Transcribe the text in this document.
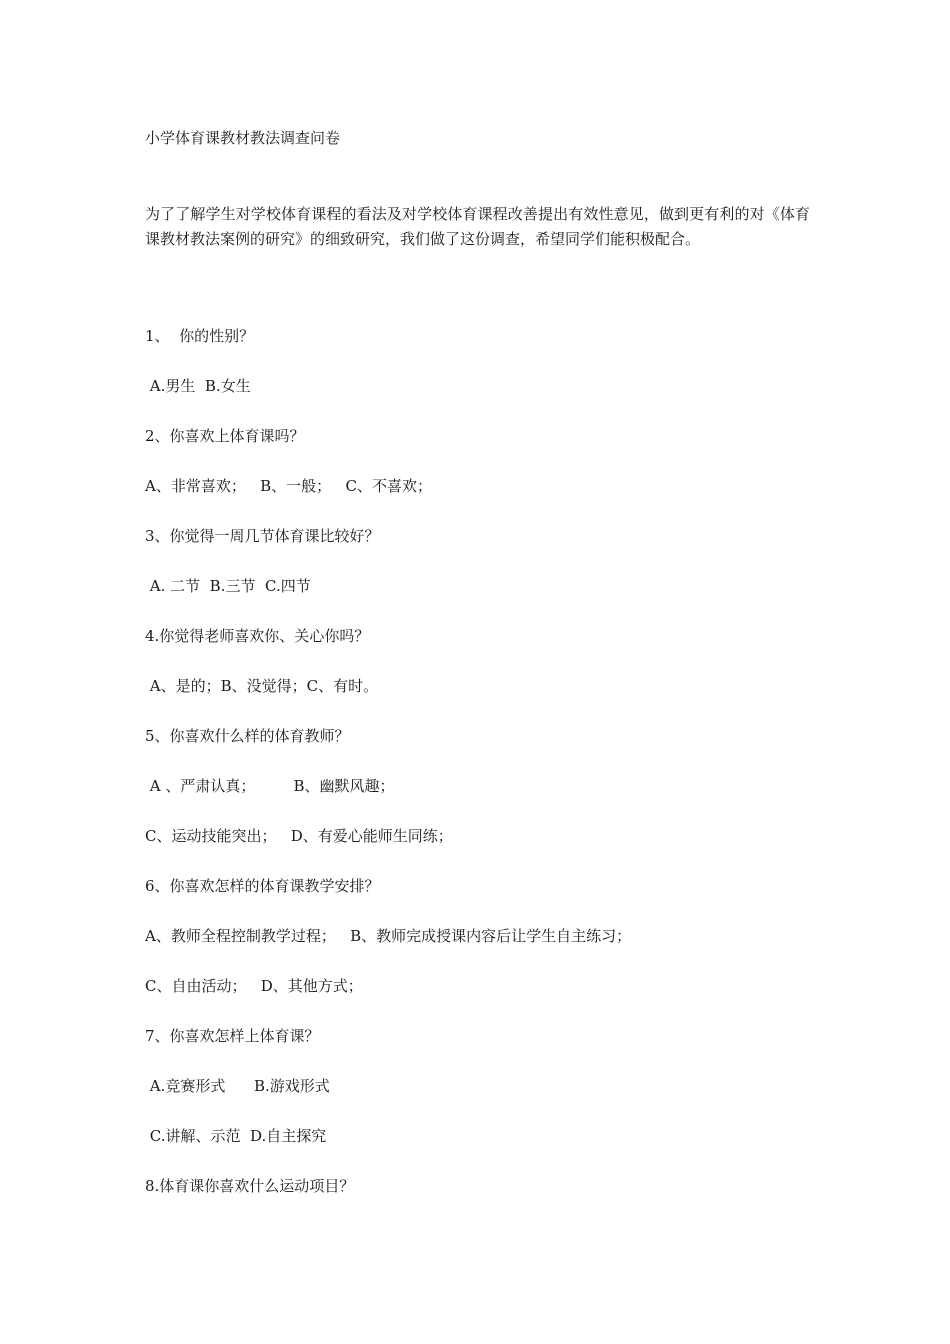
小学体育课教材教法调查问卷
为了了解学生对学校体育课程的看法及对学校体育课程改善提出有效性意见，做到更有利的对《体育课教材教法案例的研究》的细致研究，我们做了这份调查，希望同学们能积极配合。
1、  你的性别？
A.男生  B.女生
2、你喜欢上体育课吗？
A、非常喜欢；   B、一般；   C、不喜欢；
3、你觉得一周几节体育课比较好？
A. 二节  B.三节  C.四节
4.你觉得老师喜欢你、关心你吗？
A、是的；B、没觉得；C、有时。
5、你喜欢什么样的体育教师？
A 、严肃认真；        B、幽默风趣；
C、运动技能突出；   D、有爱心能师生同练；
6、你喜欢怎样的体育课教学安排？
A、教师全程控制教学过程；   B、教师完成授课内容后让学生自主练习；
C、自由活动；   D、其他方式；
7、你喜欢怎样上体育课？
A.竞赛形式      B.游戏形式
C.讲解、示范  D.自主探究
8.体育课你喜欢什么运动项目？
